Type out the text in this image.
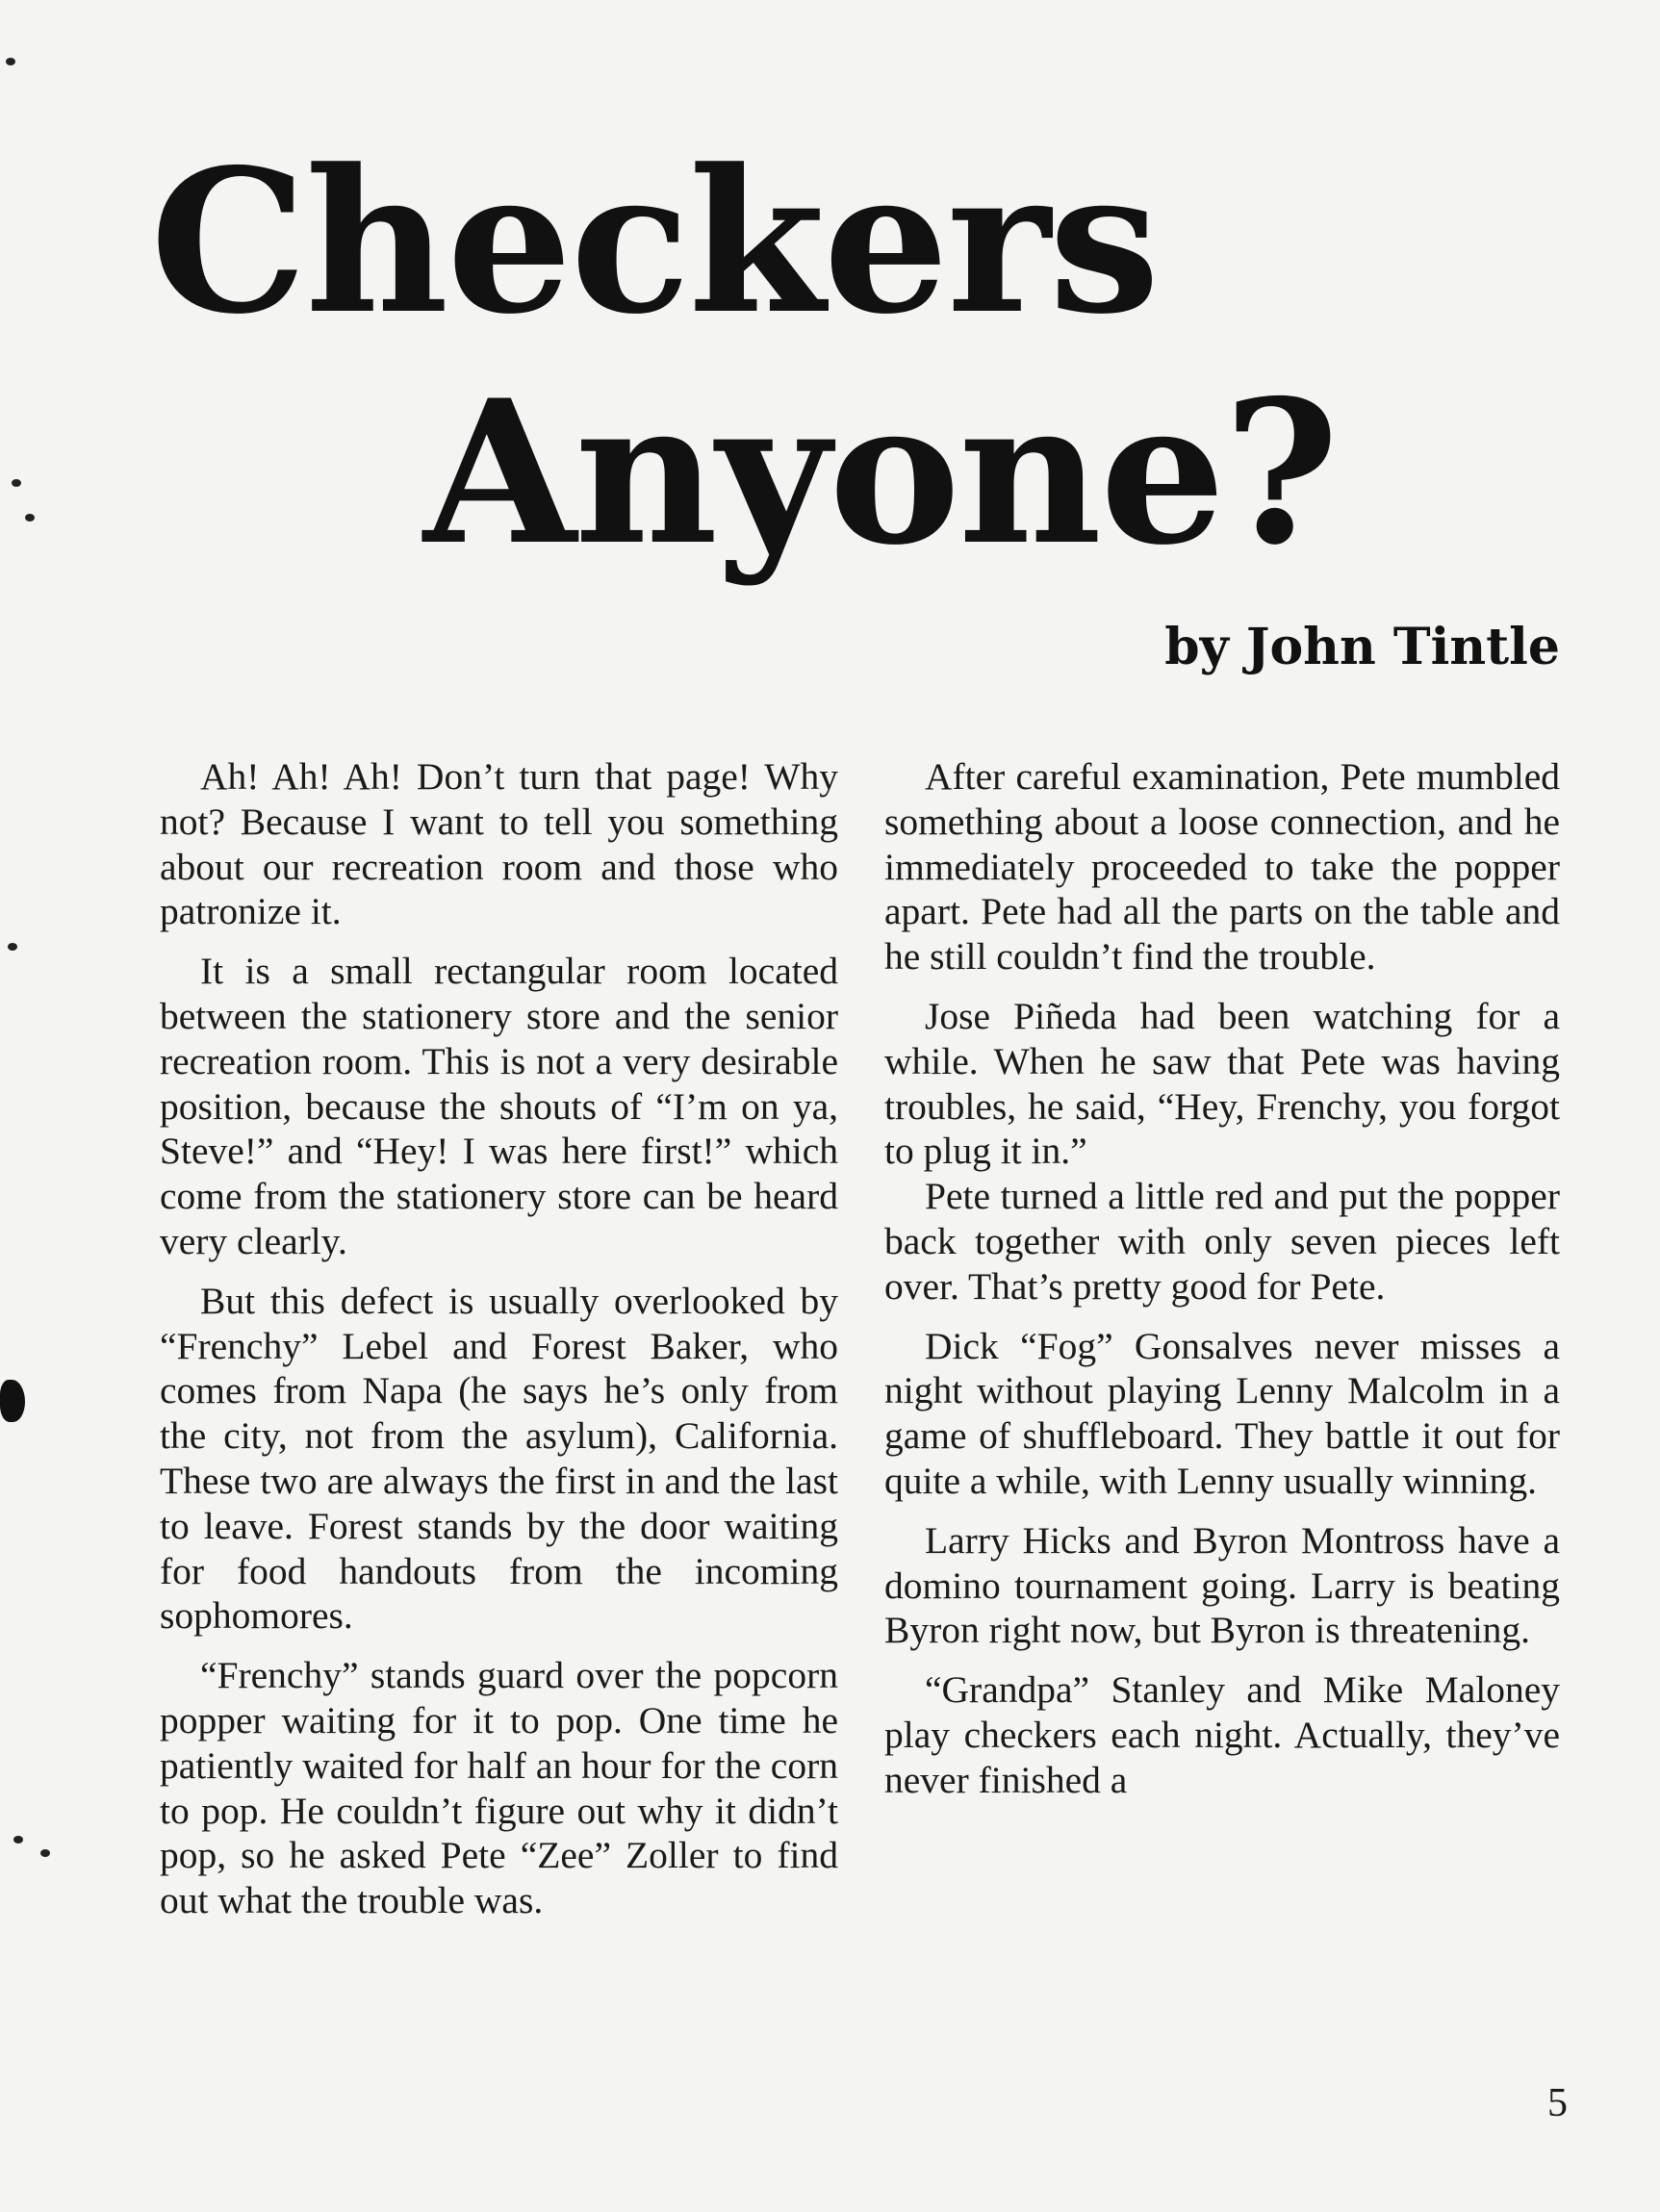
Checkers
Anyone?

by John Tintle

Ah! Ah! Ah! Don’t turn that page! Why not? Because I want to tell you something about our recreation room and those who patronize it.

It is a small rectangular room located between the stationery store and the senior recreation room. This is not a very desirable position, because the shouts of “I’m on ya, Steve!” and “Hey! I was here first!” which come from the stationery store can be heard very clearly.

But this defect is usually overlooked by “Frenchy” Lebel and Forest Baker, who comes from Napa (he says he’s only from the city, not from the asylum), California. These two are always the first in and the last to leave. Forest stands by the door waiting for food handouts from the incoming sophomores.

“Frenchy” stands guard over the popcorn popper waiting for it to pop. One time he patiently waited for half an hour for the corn to pop. He couldn’t figure out why it didn’t pop, so he asked Pete “Zee” Zoller to find out what the trouble was.

After careful examination, Pete mumbled something about a loose connection, and he immediately proceeded to take the popper apart. Pete had all the parts on the table and he still couldn’t find the trouble.

Jose Piñeda had been watching for a while. When he saw that Pete was having troubles, he said, “Hey, Frenchy, you forgot to plug it in.”

Pete turned a little red and put the popper back together with only seven pieces left over. That’s pretty good for Pete.

Dick “Fog” Gonsalves never misses a night without playing Lenny Malcolm in a game of shuffleboard. They battle it out for quite a while, with Lenny usually winning.

Larry Hicks and Byron Montross have a domino tournament going. Larry is beating Byron right now, but Byron is threatening.

“Grandpa” Stanley and Mike Maloney play checkers each night. Actually, they’ve never finished a

5
